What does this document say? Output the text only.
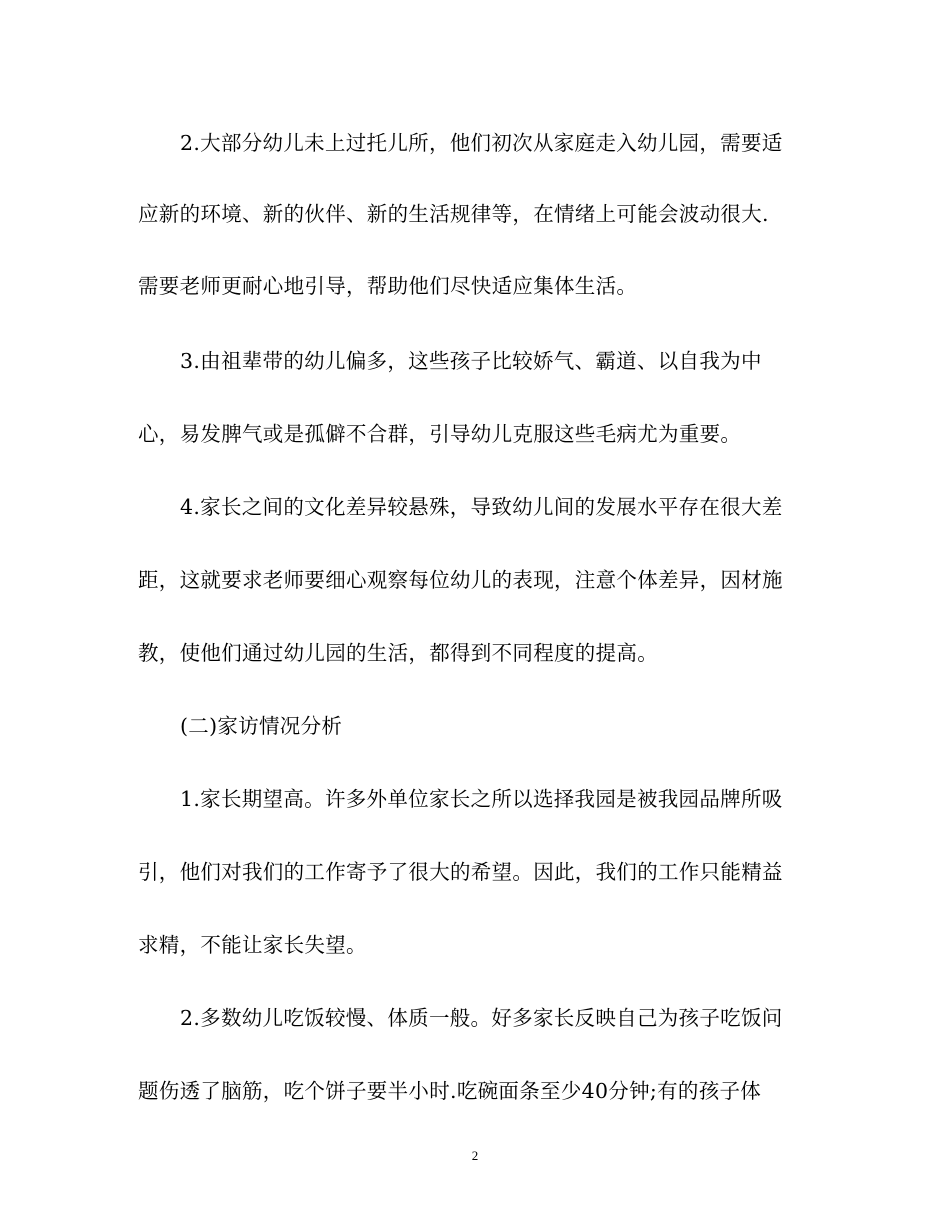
2.大部分幼儿未上过托儿所，他们初次从家庭走入幼儿园，需要适
应新的环境、新的伙伴、新的生活规律等，在情绪上可能会波动很大.
需要老师更耐心地引导，帮助他们尽快适应集体生活。
3.由祖辈带的幼儿偏多，这些孩子比较娇气、霸道、以自我为中
心，易发脾气或是孤僻不合群，引导幼儿克服这些毛病尤为重要。
4.家长之间的文化差异较悬殊，导致幼儿间的发展水平存在很大差
距，这就要求老师要细心观察每位幼儿的表现，注意个体差异，因材施
教，使他们通过幼儿园的生活，都得到不同程度的提高。
(二)家访情况分析
1.家长期望高。许多外单位家长之所以选择我园是被我园品牌所吸
引，他们对我们的工作寄予了很大的希望。因此，我们的工作只能精益
求精，不能让家长失望。
2.多数幼儿吃饭较慢、体质一般。好多家长反映自己为孩子吃饭问
题伤透了脑筋，吃个饼子要半小时.吃碗面条至少40分钟;有的孩子体
2
